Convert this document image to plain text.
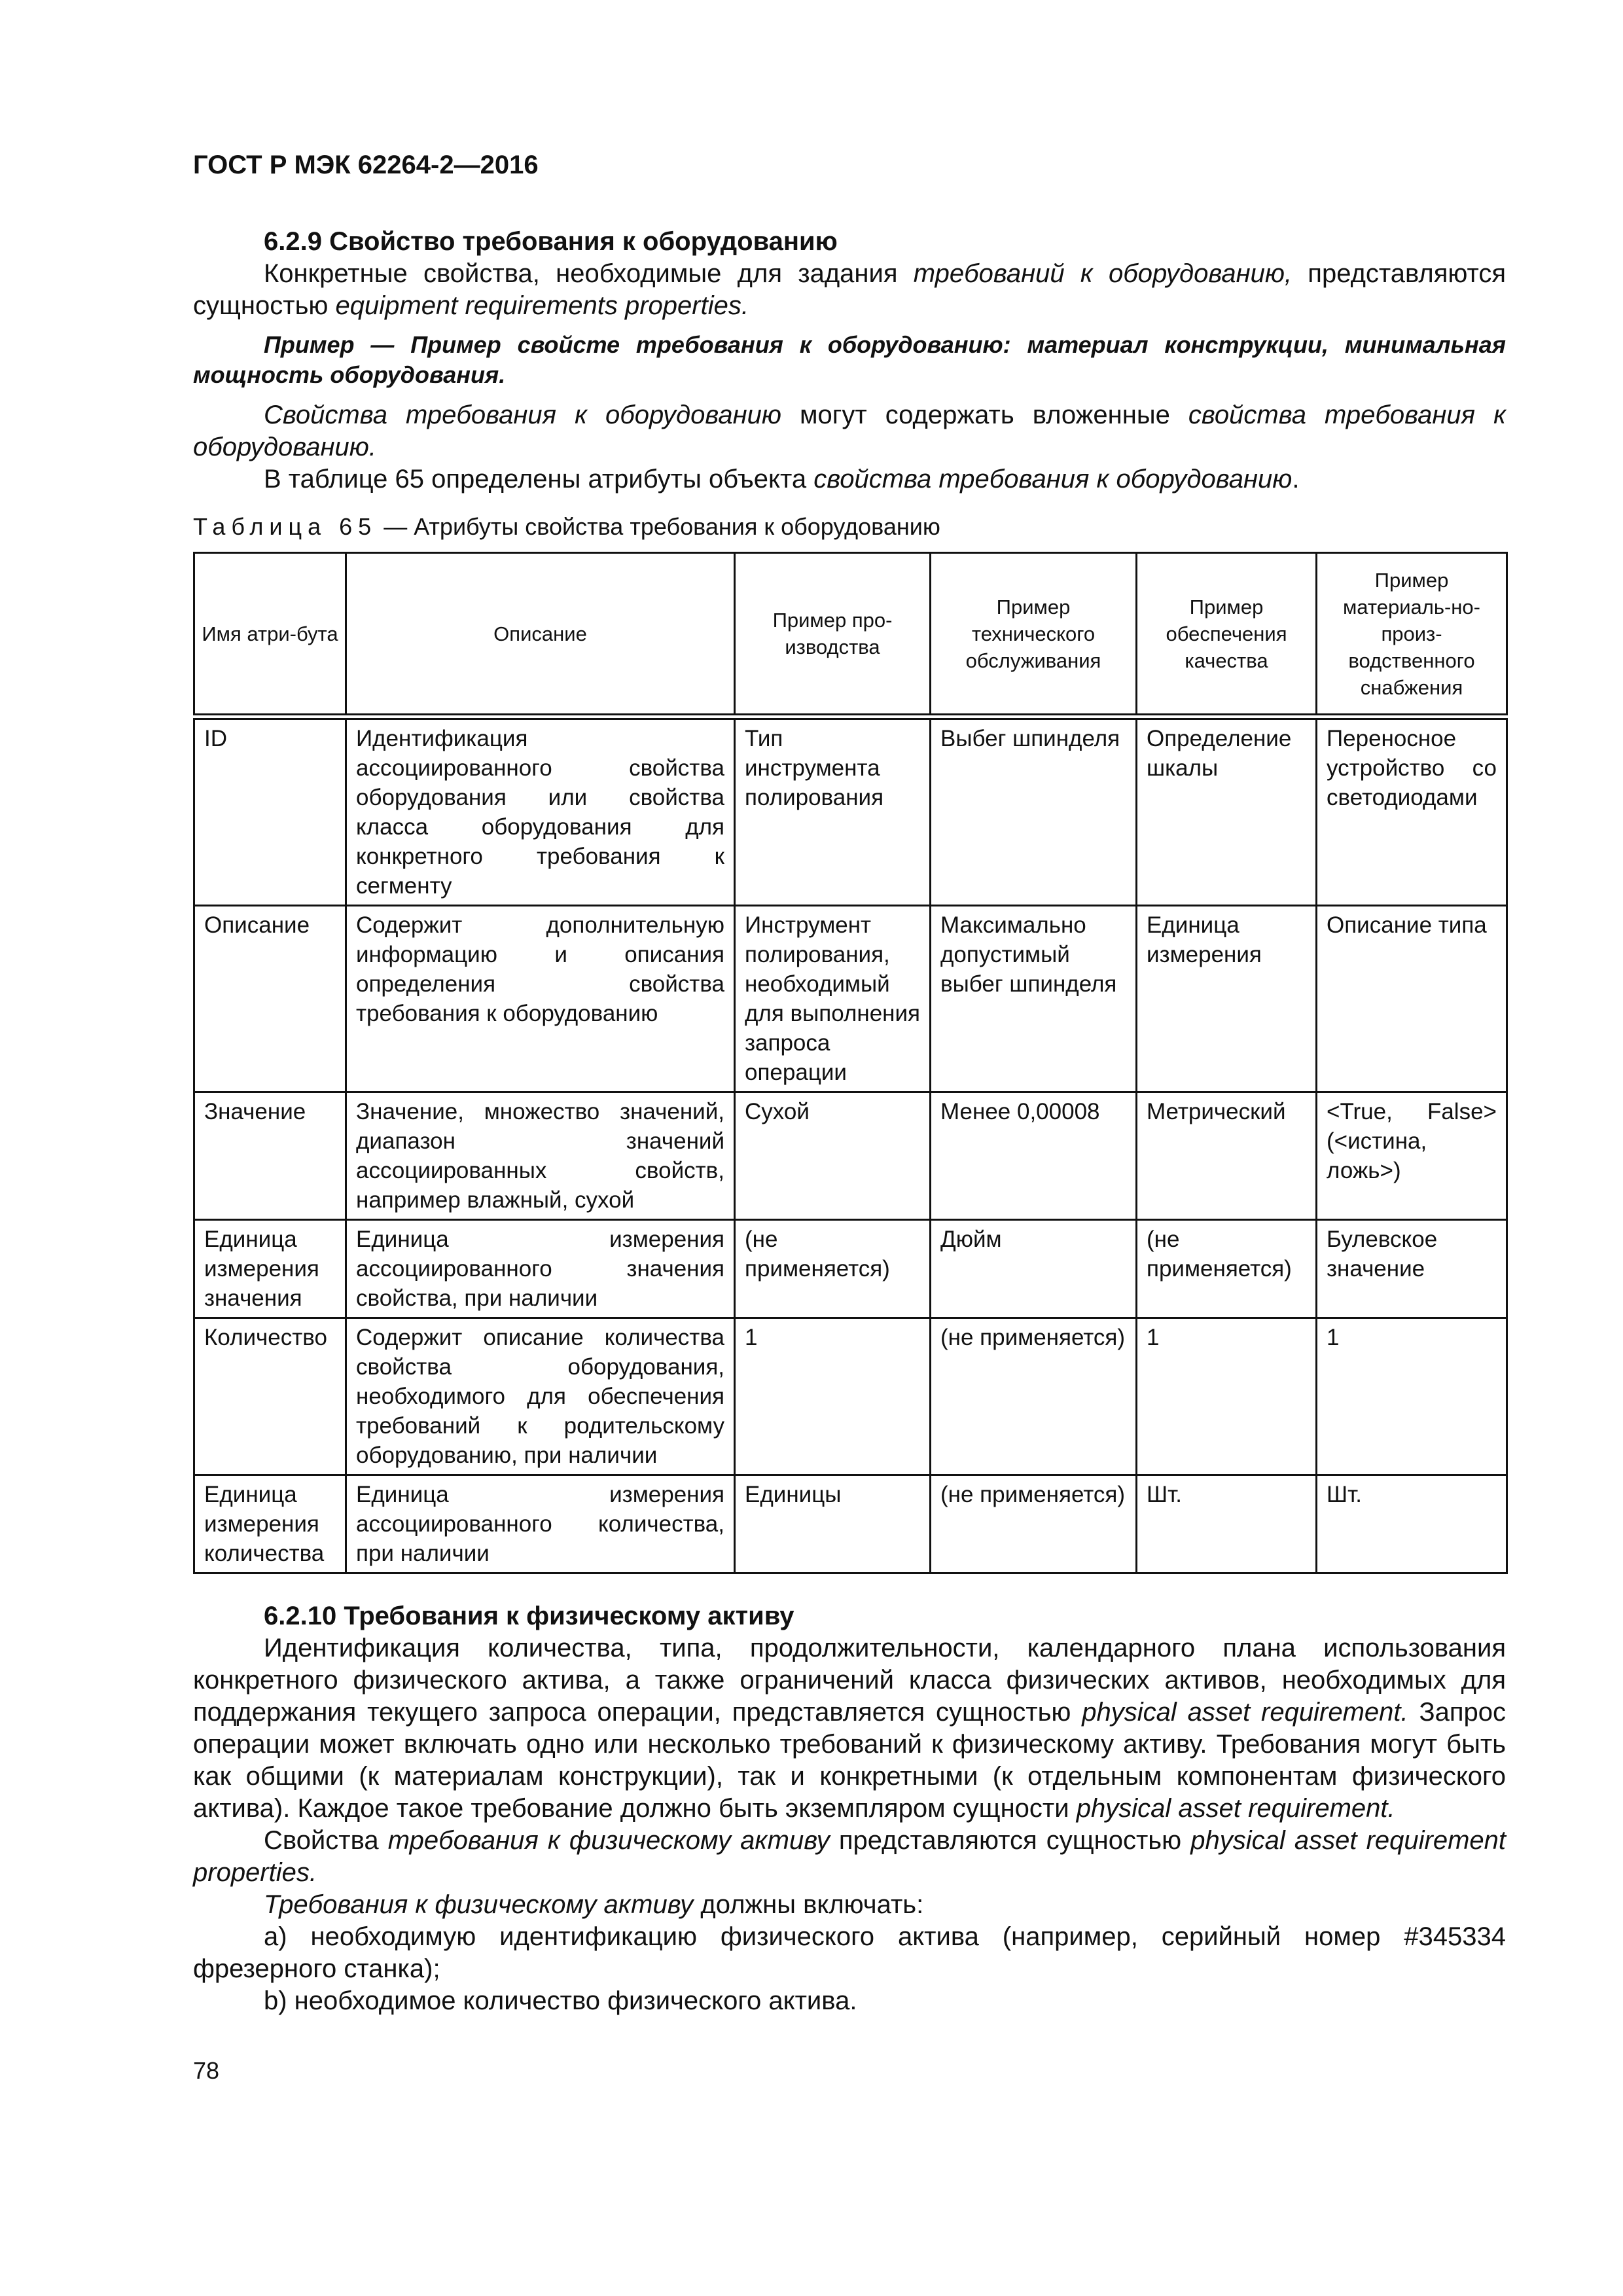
ГОСТ Р МЭК 62264-2—2016
6.2.9 Свойство требования к оборудованию

Конкретные свойства, необходимые для задания требований к оборудованию, представляются сущностью equipment requirements properties.

Пример — Пример свойсте требования к оборудованию: материал конструкции, минимальная мощность оборудования.

Свойства требования к оборудованию могут содержать вложенные свойства требования к оборудованию.

В таблице 65 определены атрибуты объекта свойства требования к оборудованию.

Таблица 65 — Атрибуты свойства требования к оборудованию
Имя атри-бута	Описание	Пример про-изводства	Пример технического обслуживания	Пример обеспечения качества	Пример материаль-но-произ-водственного снабжения
ID	Идентификация ассоциированного свойства оборудования или свойства класса оборудования для конкретного требования к сегменту	Тип инструмента полирования	Выбег шпинделя	Определение шкалы	Переносное устройство со светодиодами
Описание	Содержит дополнительную информацию и описания определения свойства требования к оборудованию	Инструмент полирования, необходимый для выполнения запроса операции	Максимально допустимый выбег шпинделя	Единица измерения	Описание типа
Значение	Значение, множество значений, диапазон значений ассоциированных свойств, например влажный, сухой	Сухой	Менее 0,00008	Метрический	<True, False> (<истина, ложь>)
Единица измерения значения	Единица измерения ассоциированного значения свойства, при наличии	(не применяется)	Дюйм	(не применяется)	Булевское значение
Количество	Содержит описание количества свойства оборудования, необходимого для обеспечения требований к родительскому оборудованию, при наличии	1	(не применяется)	1	1
Единица измерения количества	Единица измерения ассоциированного количества, при наличии	Единицы	(не применяется)	Шт.	Шт.
6.2.10 Требования к физическому активу

Идентификация количества, типа, продолжительности, календарного плана использования конкретного физического актива, а также ограничений класса физических активов, необходимых для поддержания текущего запроса операции, представляется сущностью physical asset requirement. Запрос операции может включать одно или несколько требований к физическому активу. Требования могут быть как общими (к материалам конструкции), так и конкретными (к отдельным компонентам физического актива). Каждое такое требование должно быть экземпляром сущности physical asset requirement.

Свойства требования к физическому активу представляются сущностью physical asset requirement properties.

Требования к физическому активу должны включать:

a) необходимую идентификацию физического актива (например, серийный номер #345334 фрезерного станка);

b) необходимое количество физического актива.

78
